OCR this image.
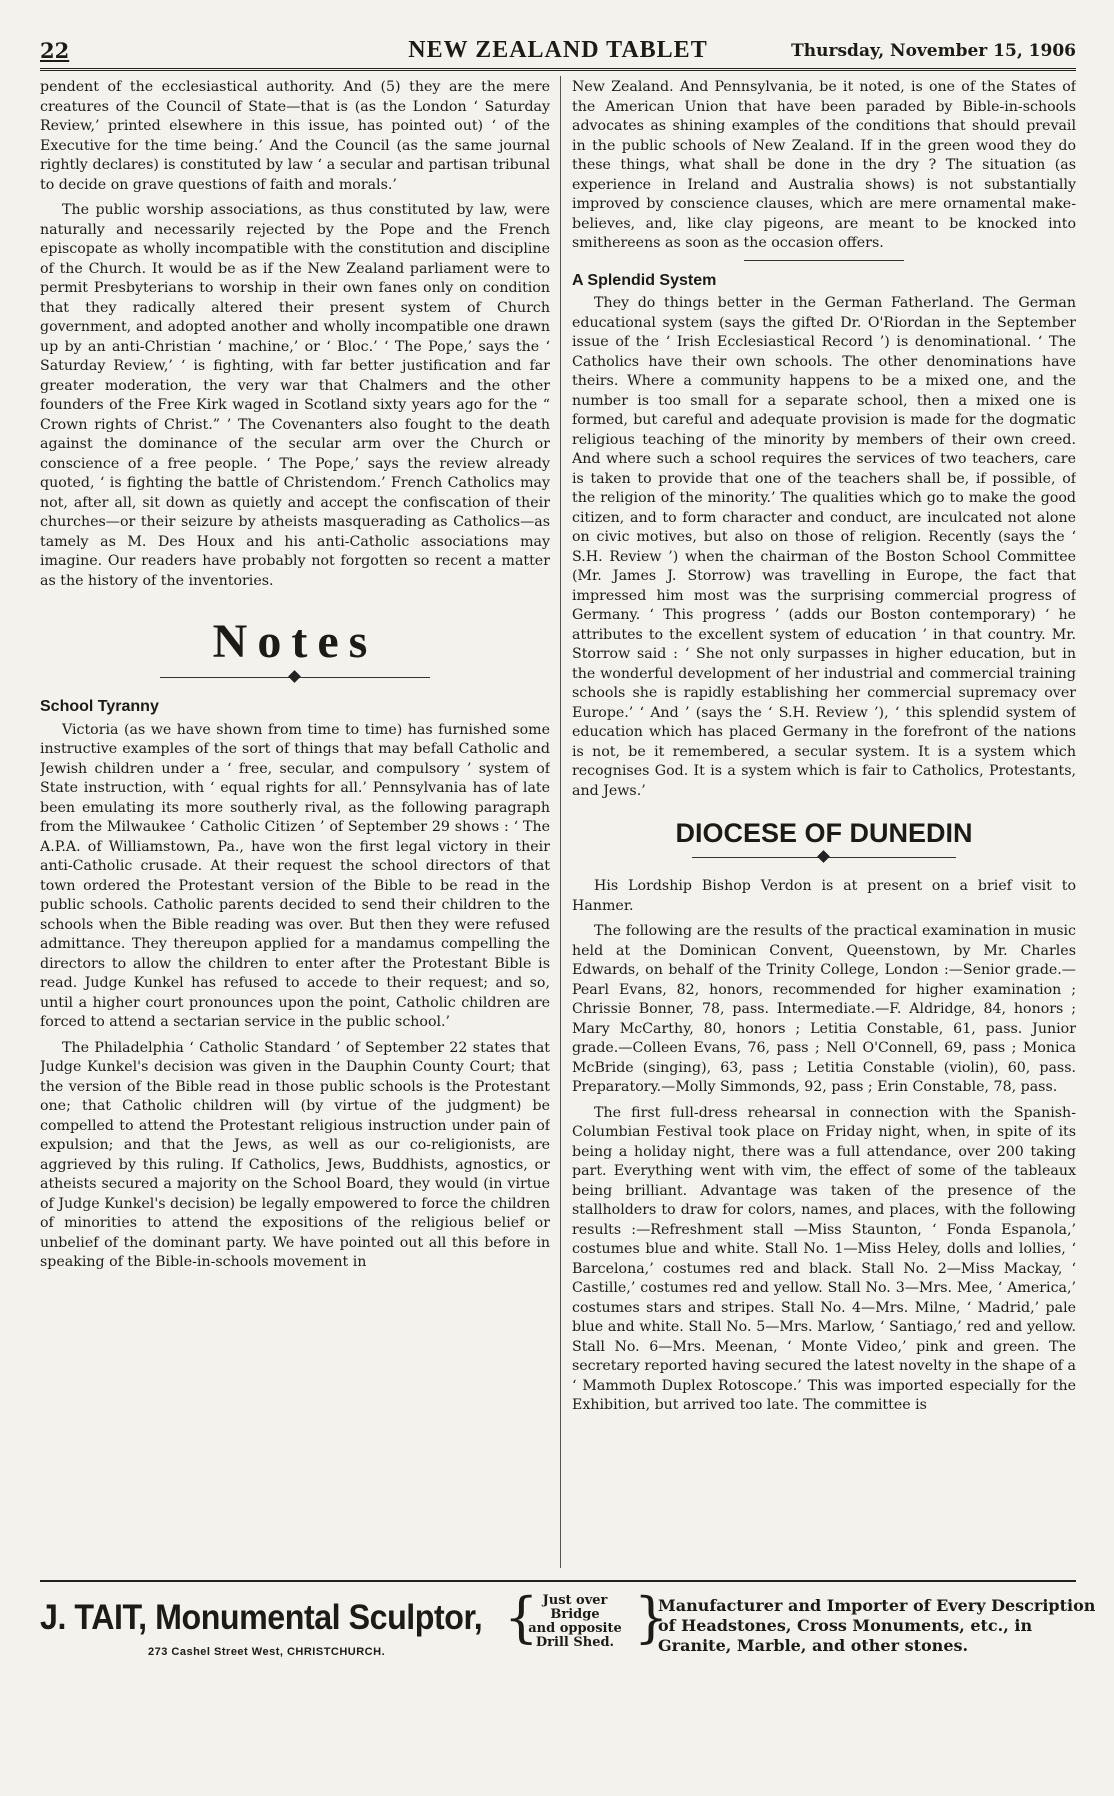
22	NEW ZEALAND TABLET	Thursday, November 15, 1906

pendent of the ecclesiastical authority. And (5) they are the mere creatures of the Council of State—that is (as the London ‘ Saturday Review,’ printed elsewhere in this issue, has pointed out) ‘ of the Executive for the time being.’ And the Council (as the same journal rightly declares) is constituted by law ‘ a secular and partisan tribunal to decide on grave questions of faith and morals.’

The public worship associations, as thus constituted by law, were naturally and necessarily rejected by the Pope and the French episcopate as wholly incompatible with the constitution and discipline of the Church. It would be as if the New Zealand parliament were to permit Presbyterians to worship in their own fanes only on condition that they radically altered their present system of Church government, and adopted another and wholly incompatible one drawn up by an anti-Christian ‘ machine,’ or ‘ Bloc.’ ‘ The Pope,’ says the ‘ Saturday Review,’ ‘ is fighting, with far better justification and far greater moderation, the very war that Chalmers and the other founders of the Free Kirk waged in Scotland sixty years ago for the “ Crown rights of Christ.” ’ The Covenanters also fought to the death against the dominance of the secular arm over the Church or conscience of a free people. ‘ The Pope,’ says the review already quoted, ‘ is fighting the battle of Christendom.’ French Catholics may not, after all, sit down as quietly and accept the confiscation of their churches—or their seizure by atheists masquerading as Catholics—as tamely as M. Des Houx and his anti-Catholic associations may imagine. Our readers have probably not forgotten so recent a matter as the history of the inventories.

Notes
School Tyranny

Victoria (as we have shown from time to time) has furnished some instructive examples of the sort of things that may befall Catholic and Jewish children under a ‘ free, secular, and compulsory ’ system of State instruction, with ‘ equal rights for all.’ Pennsylvania has of late been emulating its more southerly rival, as the following paragraph from the Milwaukee ‘ Catholic Citizen ’ of September 29 shows : ‘ The A.P.A. of Williamstown, Pa., have won the first legal victory in their anti-Catholic crusade. At their request the school directors of that town ordered the Protestant version of the Bible to be read in the public schools. Catholic parents decided to send their children to the schools when the Bible reading was over. But then they were refused admittance. They thereupon applied for a mandamus compelling the directors to allow the children to enter after the Protestant Bible is read. Judge Kunkel has refused to accede to their request; and so, until a higher court pronounces upon the point, Catholic children are forced to attend a sectarian service in the public school.’

The Philadelphia ‘ Catholic Standard ’ of September 22 states that Judge Kunkel's decision was given in the Dauphin County Court; that the version of the Bible read in those public schools is the Protestant one; that Catholic children will (by virtue of the judgment) be compelled to attend the Protestant religious instruction under pain of expulsion; and that the Jews, as well as our co-religionists, are aggrieved by this ruling. If Catholics, Jews, Buddhists, agnostics, or atheists secured a majority on the School Board, they would (in virtue of Judge Kunkel's decision) be legally empowered to force the children of minorities to attend the expositions of the religious belief or unbelief of the dominant party. We have pointed out all this before in speaking of the Bible-in-schools movement in

New Zealand. And Pennsylvania, be it noted, is one of the States of the American Union that have been paraded by Bible-in-schools advocates as shining examples of the conditions that should prevail in the public schools of New Zealand. If in the green wood they do these things, what shall be done in the dry ? The situation (as experience in Ireland and Australia shows) is not substantially improved by conscience clauses, which are mere ornamental make-believes, and, like clay pigeons, are meant to be knocked into smithereens as soon as the occasion offers.

A Splendid System

They do things better in the German Fatherland. The German educational system (says the gifted Dr. O'Riordan in the September issue of the ‘ Irish Ecclesiastical Record ’) is denominational. ‘ The Catholics have their own schools. The other denominations have theirs. Where a community happens to be a mixed one, and the number is too small for a separate school, then a mixed one is formed, but careful and adequate provision is made for the dogmatic religious teaching of the minority by members of their own creed. And where such a school requires the services of two teachers, care is taken to provide that one of the teachers shall be, if possible, of the religion of the minority.’ The qualities which go to make the good citizen, and to form character and conduct, are inculcated not alone on civic motives, but also on those of religion. Recently (says the ‘ S.H. Review ’) when the chairman of the Boston School Committee (Mr. James J. Storrow) was travelling in Europe, the fact that impressed him most was the surprising commercial progress of Germany. ‘ This progress ’ (adds our Boston contemporary) ‘ he attributes to the excellent system of education ’ in that country. Mr. Storrow said : ‘ She not only surpasses in higher education, but in the wonderful development of her industrial and commercial training schools she is rapidly establishing her commercial supremacy over Europe.’ ‘ And ’ (says the ‘ S.H. Review ’), ‘ this splendid system of education which has placed Germany in the forefront of the nations is not, be it remembered, a secular system. It is a system which recognises God. It is a system which is fair to Catholics, Protestants, and Jews.’

DIOCESE OF DUNEDIN

His Lordship Bishop Verdon is at present on a brief visit to Hanmer.

The following are the results of the practical examination in music held at the Dominican Convent, Queenstown, by Mr. Charles Edwards, on behalf of the Trinity College, London :—Senior grade.—Pearl Evans, 82, honors, recommended for higher examination ; Chrissie Bonner, 78, pass. Intermediate.—F. Aldridge, 84, honors ; Mary McCarthy, 80, honors ; Letitia Constable, 61, pass. Junior grade.—Colleen Evans, 76, pass ; Nell O'Connell, 69, pass ; Monica McBride (singing), 63, pass ; Letitia Constable (violin), 60, pass. Preparatory.—Molly Simmonds, 92, pass ; Erin Constable, 78, pass.

The first full-dress rehearsal in connection with the Spanish-Columbian Festival took place on Friday night, when, in spite of its being a holiday night, there was a full attendance, over 200 taking part. Everything went with vim, the effect of some of the tableaux being brilliant. Advantage was taken of the presence of the stallholders to draw for colors, names, and places, with the following results :—Refreshment stall —Miss Staunton, ‘ Fonda Espanola,’ costumes blue and white. Stall No. 1—Miss Heley, dolls and lollies, ‘ Barcelona,’ costumes red and black. Stall No. 2—Miss Mackay, ‘ Castille,’ costumes red and yellow. Stall No. 3—Mrs. Mee, ‘ America,’ costumes stars and stripes. Stall No. 4—Mrs. Milne, ‘ Madrid,’ pale blue and white. Stall No. 5—Mrs. Marlow, ‘ Santiago,’ red and yellow. Stall No. 6—Mrs. Meenan, ‘ Monte Video,’ pink and green. The secretary reported having secured the latest novelty in the shape of a ‘ Mammoth Duplex Rotoscope.’ This was imported especially for the Exhibition, but arrived too late. The committee is

J. TAIT, Monumental Sculptor,
273 Cashel Street West, CHRISTCHURCH.
{ Just over Bridge
and opposite
Drill Shed. }
Manufacturer and Importer of Every Description of Headstones, Cross Monuments, etc., in Granite, Marble, and other stones.
